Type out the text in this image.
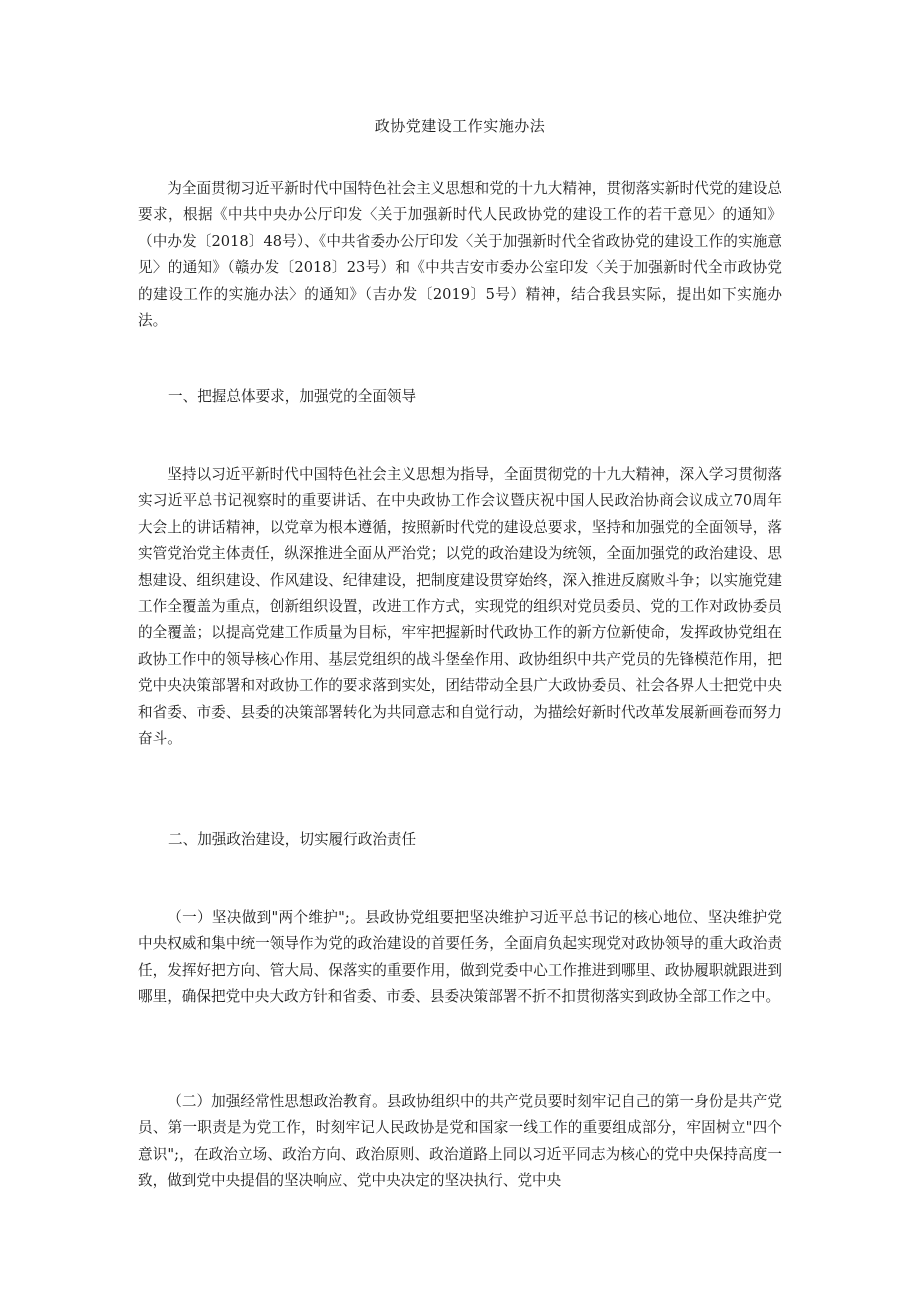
政协党建设工作实施办法

为全面贯彻习近平新时代中国特色社会主义思想和党的十九大精神，贯彻落实新时代党的建设总要求，根据《中共中央办公厅印发〈关于加强新时代人民政协党的建设工作的若干意见〉的通知》（中办发〔2018〕48号）、《中共省委办公厅印发〈关于加强新时代全省政协党的建设工作的实施意见〉的通知》（赣办发〔2018〕23号）和《中共吉安市委办公室印发〈关于加强新时代全市政协党的建设工作的实施办法〉的通知》（吉办发〔2019〕5号）精神，结合我县实际，提出如下实施办法。

一、把握总体要求，加强党的全面领导

坚持以习近平新时代中国特色社会主义思想为指导，全面贯彻党的十九大精神，深入学习贯彻落实习近平总书记视察时的重要讲话、在中央政协工作会议暨庆祝中国人民政治协商会议成立70周年大会上的讲话精神，以党章为根本遵循，按照新时代党的建设总要求，坚持和加强党的全面领导，落实管党治党主体责任，纵深推进全面从严治党；以党的政治建设为统领，全面加强党的政治建设、思想建设、组织建设、作风建设、纪律建设，把制度建设贯穿始终，深入推进反腐败斗争；以实施党建工作全覆盖为重点，创新组织设置，改进工作方式，实现党的组织对党员委员、党的工作对政协委员的全覆盖；以提高党建工作质量为目标，牢牢把握新时代政协工作的新方位新使命，发挥政协党组在政协工作中的领导核心作用、基层党组织的战斗堡垒作用、政协组织中共产党员的先锋模范作用，把党中央决策部署和对政协工作的要求落到实处，团结带动全县广大政协委员、社会各界人士把党中央和省委、市委、县委的决策部署转化为共同意志和自觉行动，为描绘好新时代改革发展新画卷而努力奋斗。

二、加强政治建设，切实履行政治责任

（一）坚决做到"两个维护";。县政协党组要把坚决维护习近平总书记的核心地位、坚决维护党中央权威和集中统一领导作为党的政治建设的首要任务，全面肩负起实现党对政协领导的重大政治责任，发挥好把方向、管大局、保落实的重要作用，做到党委中心工作推进到哪里、政协履职就跟进到哪里，确保把党中央大政方针和省委、市委、县委决策部署不折不扣贯彻落实到政协全部工作之中。

（二）加强经常性思想政治教育。县政协组织中的共产党员要时刻牢记自己的第一身份是共产党员、第一职责是为党工作，时刻牢记人民政协是党和国家一线工作的重要组成部分，牢固树立"四个意识";，在政治立场、政治方向、政治原则、政治道路上同以习近平同志为核心的党中央保持高度一致，做到党中央提倡的坚决响应、党中央决定的坚决执行、党中央
